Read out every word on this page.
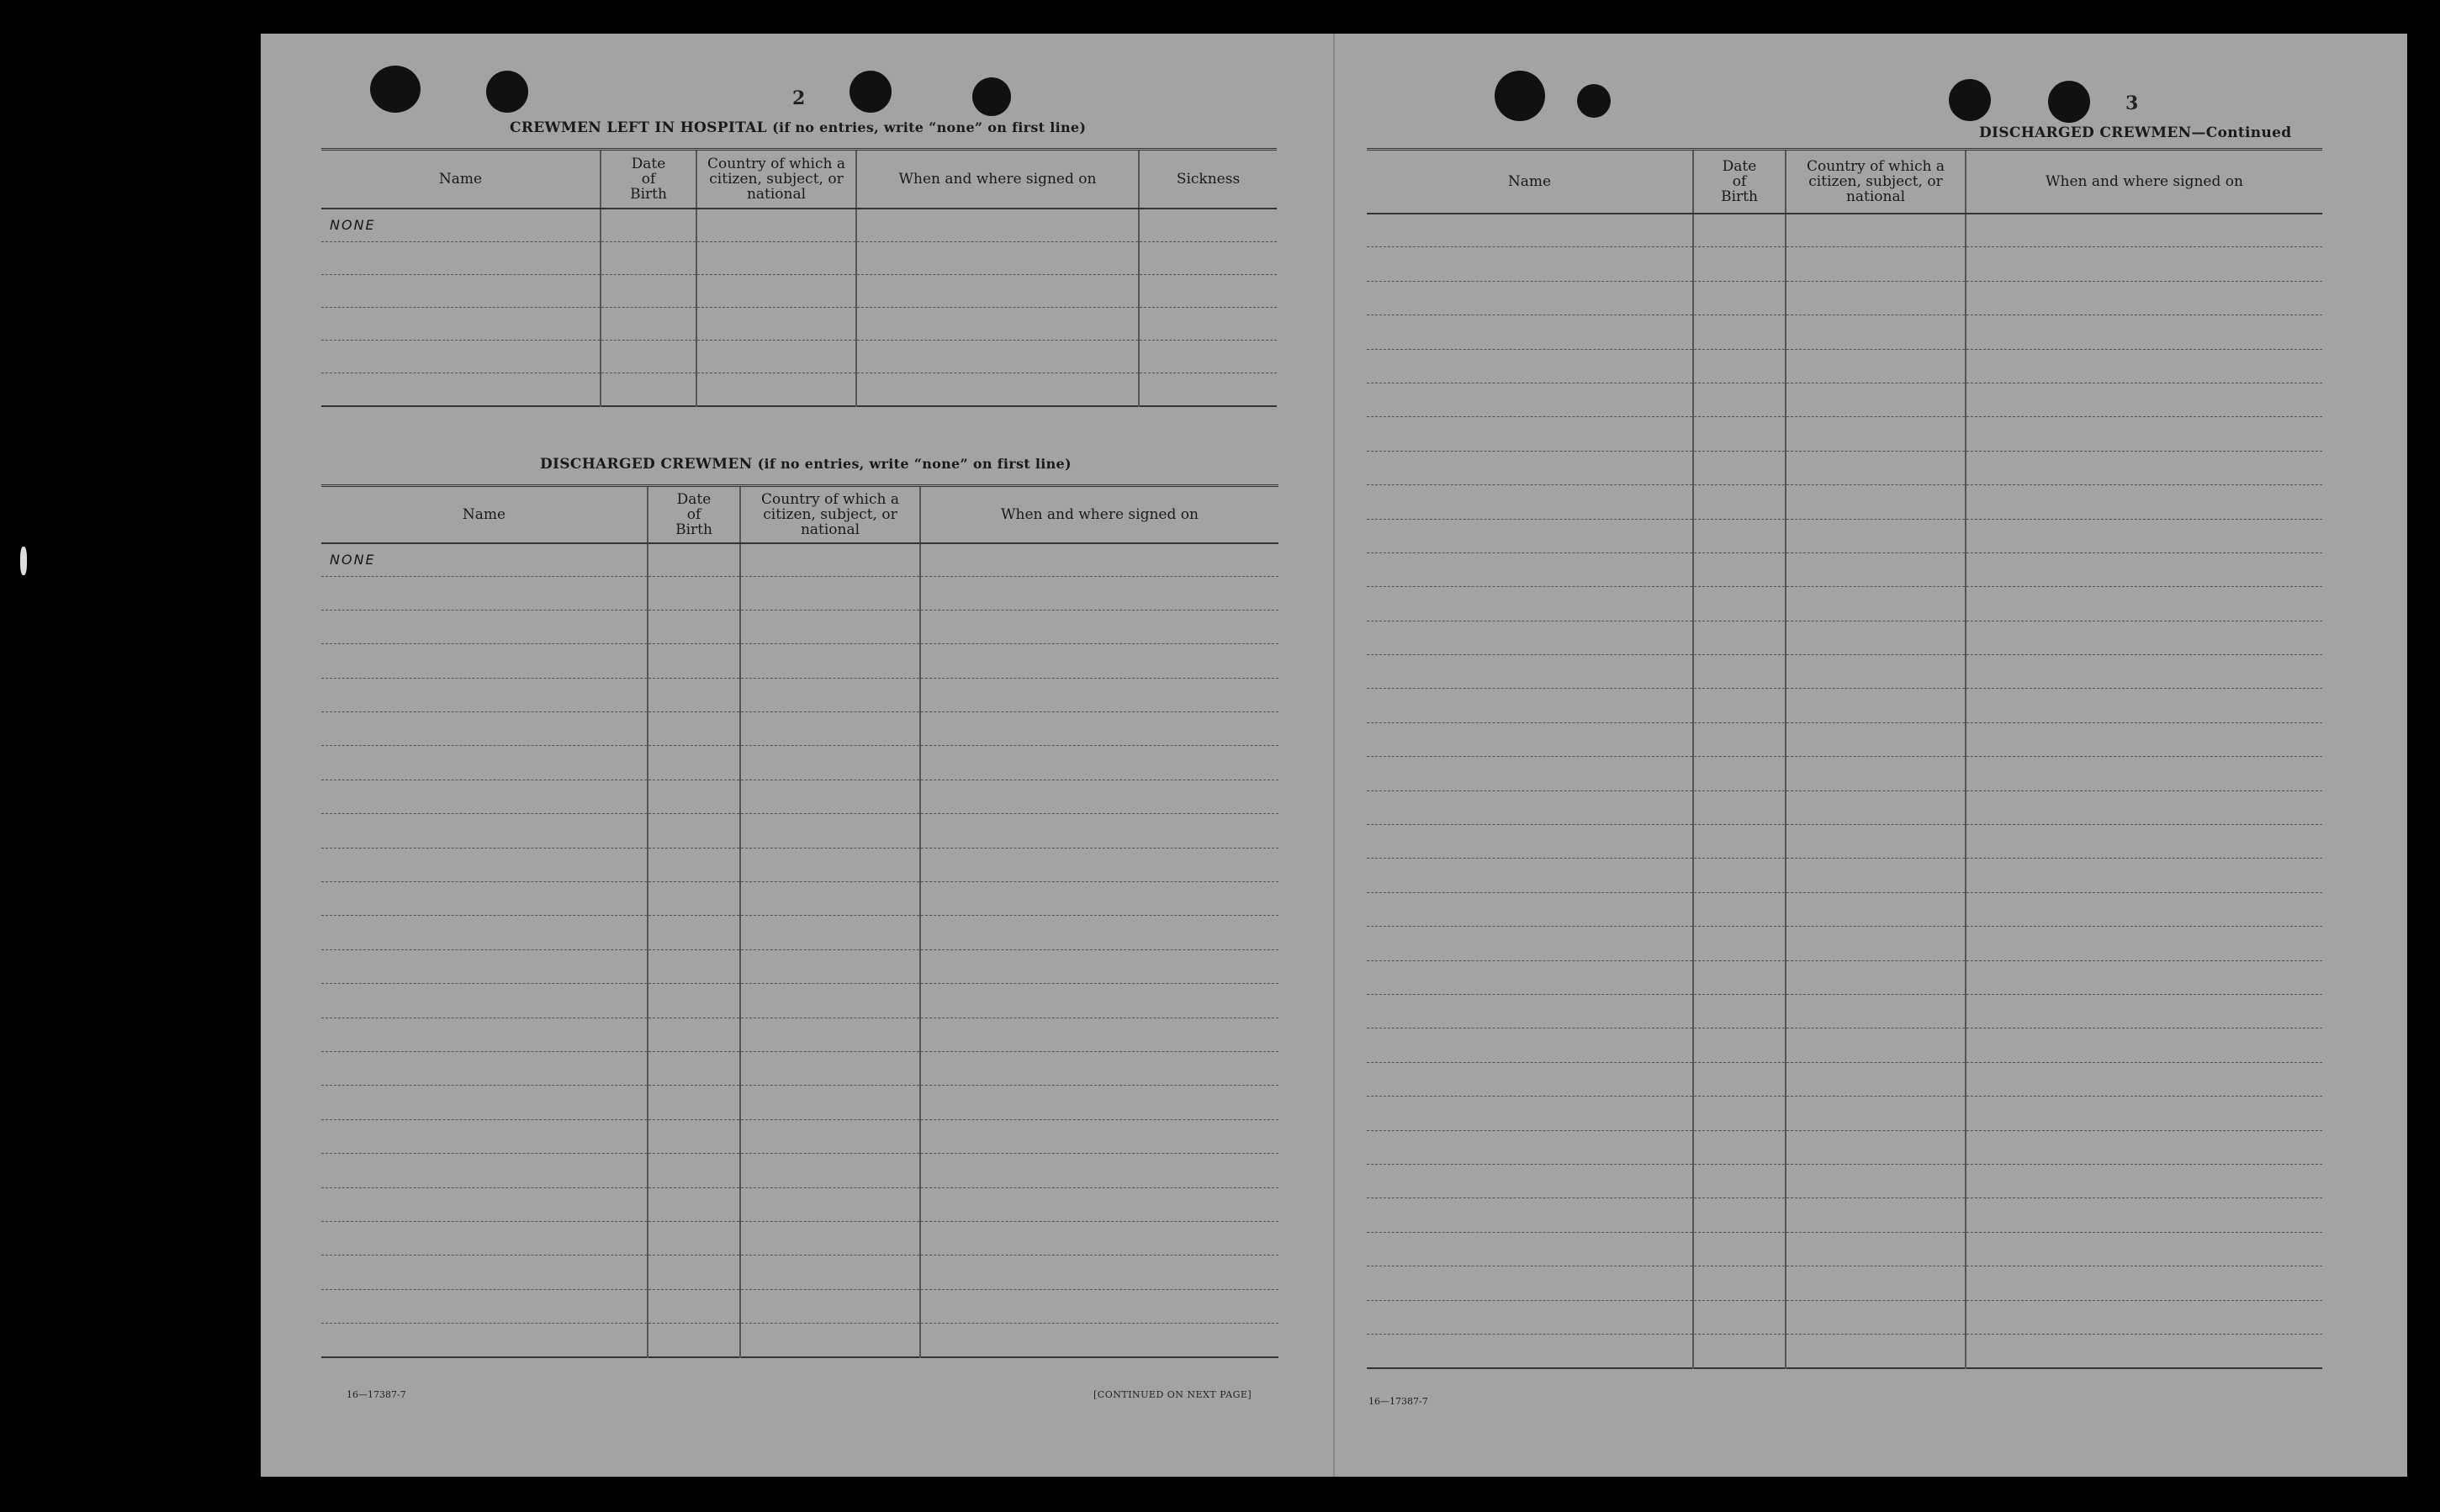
2
CREWMEN LEFT IN HOSPITAL (if no entries, write “none” on first line)
Name	Date
of
Birth	Country of which a
citizen, subject, or
national	When and where signed on	Sickness
NONE				

DISCHARGED CREWMEN (if no entries, write “none” on first line)
Name	Date
of
Birth	Country of which a
citizen, subject, or
national	When and where signed on
NONE			

16—17387-7	[CONTINUED ON NEXT PAGE]
3
DISCHARGED CREWMEN—Continued
Name	Date
of
Birth	Country of which a
citizen, subject, or
national	When and where signed on

16—17387-7
